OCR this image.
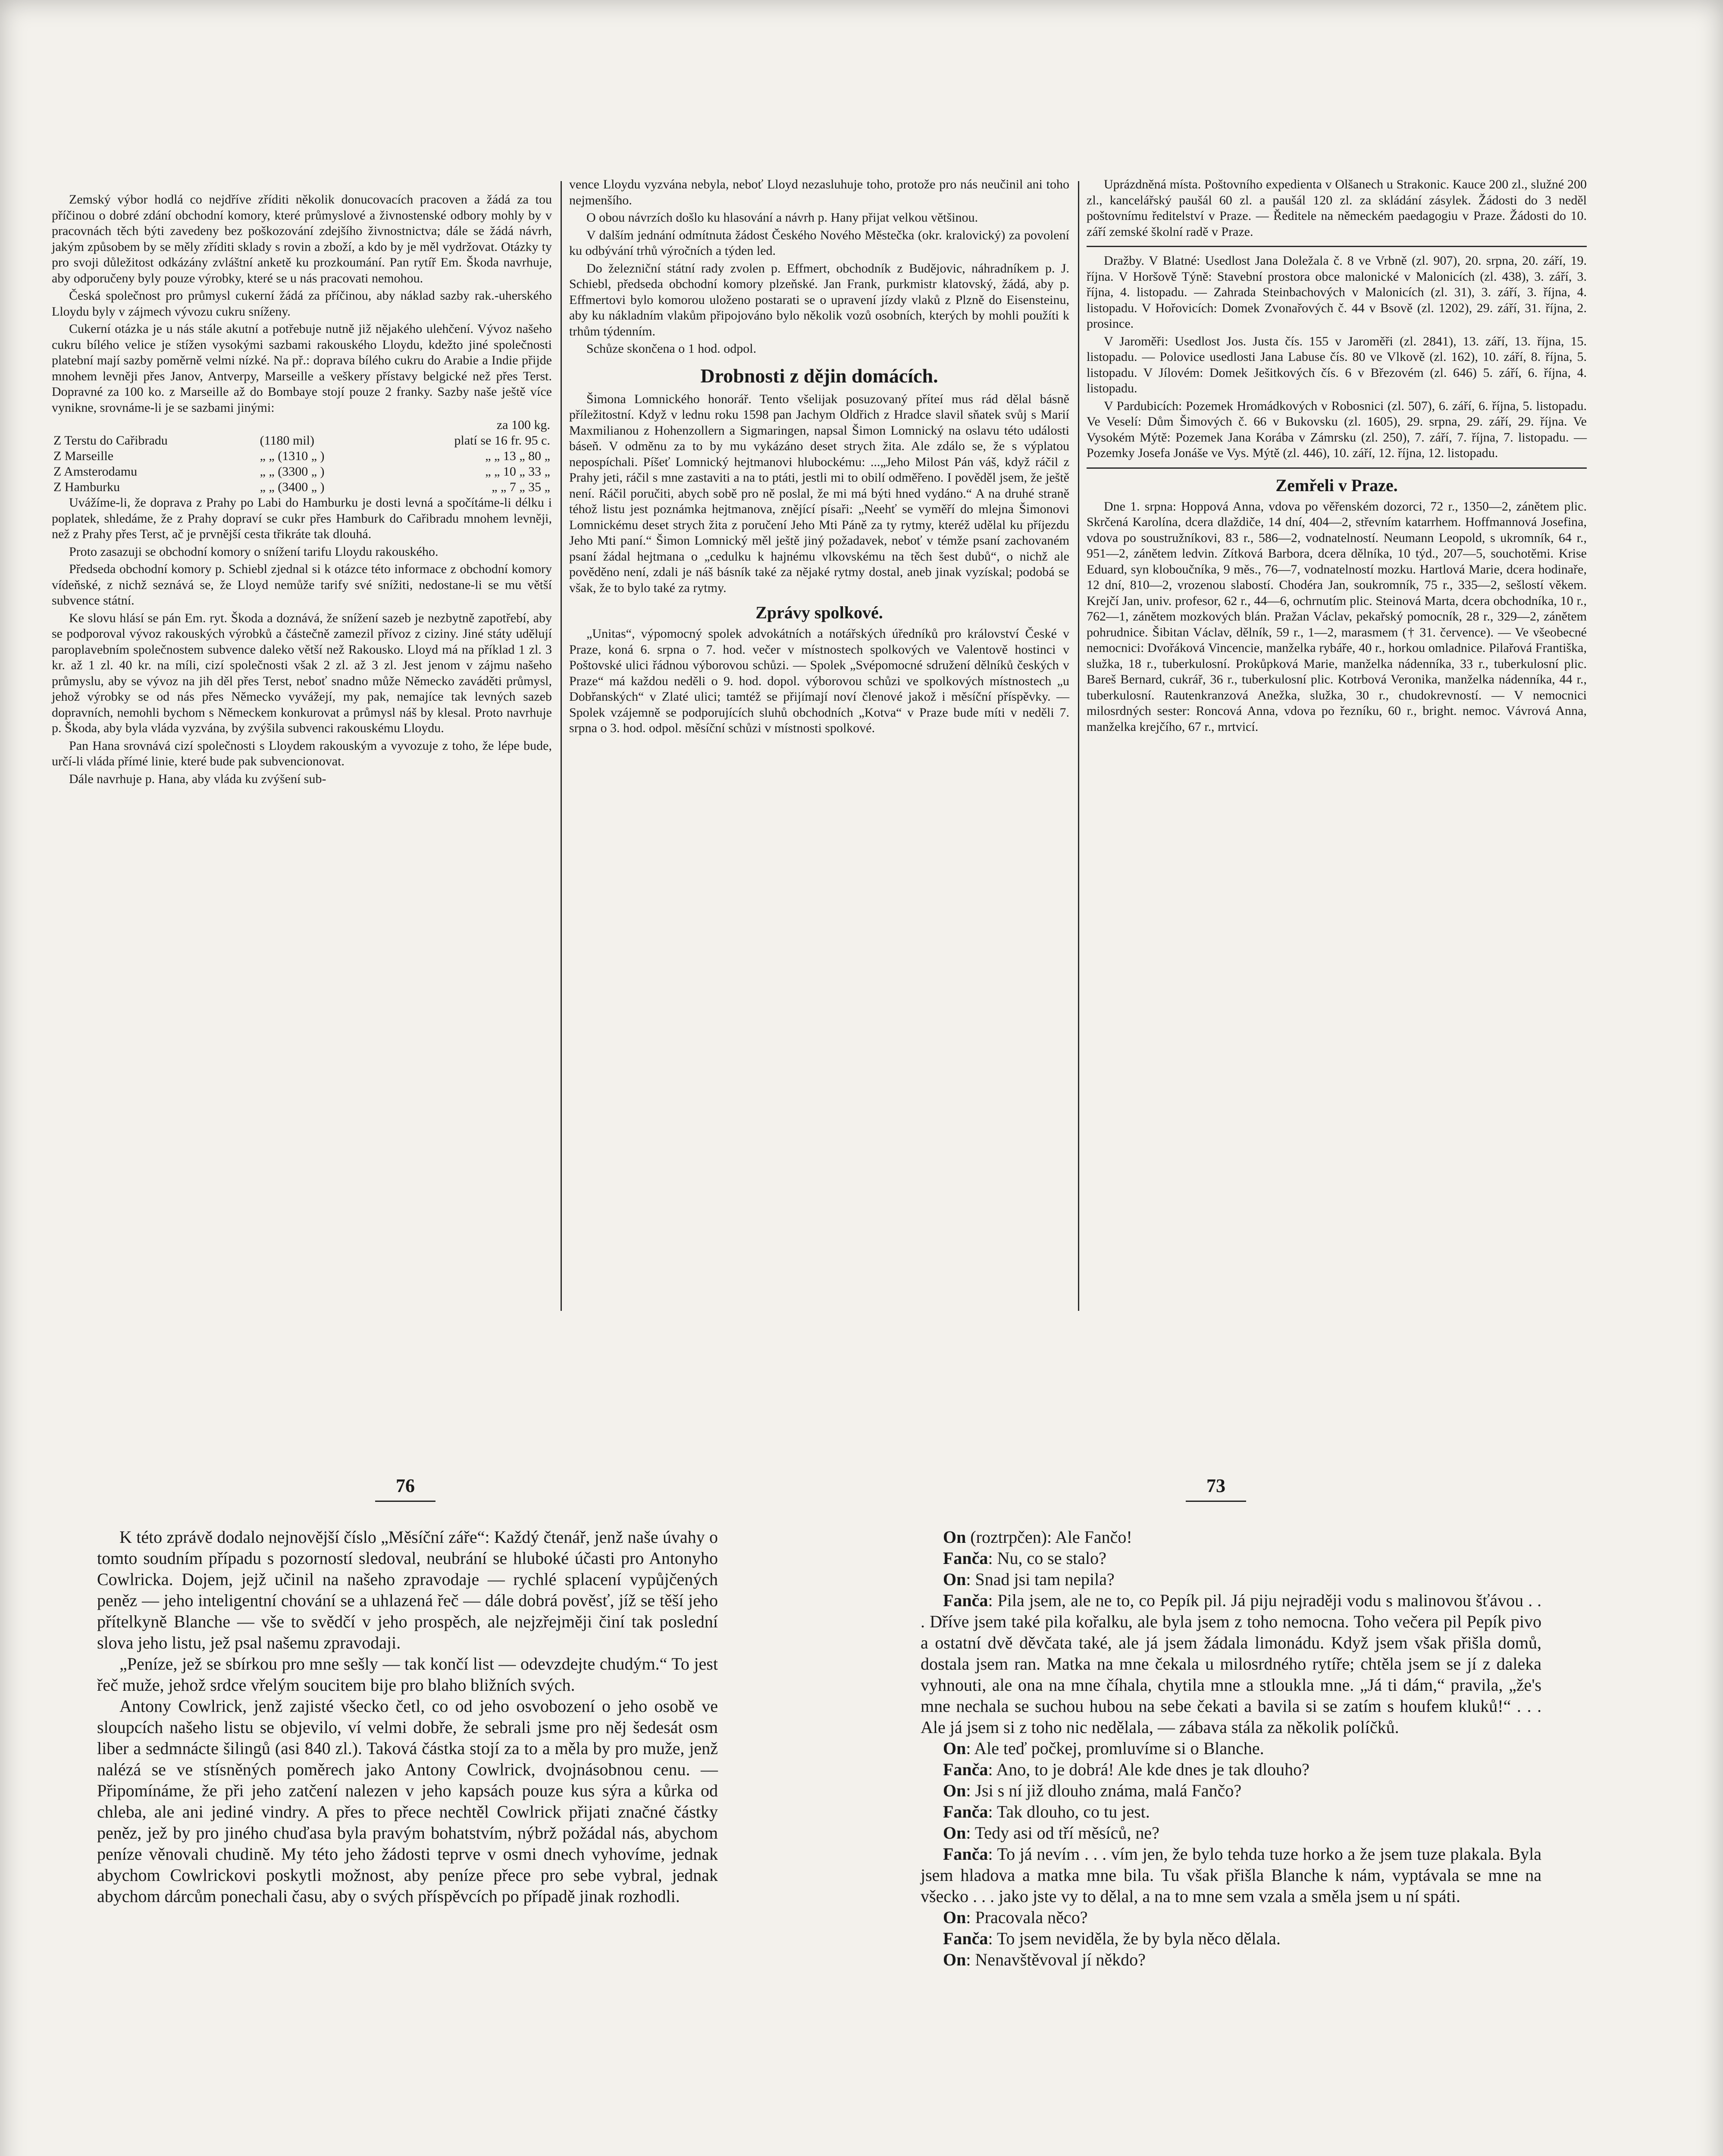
Zemský výbor hodlá co nejdříve zříditi několik donucovacích pracoven a žádá za tou příčinou o dobré zdání obchodní komory, které průmyslové a živnostenské odbory mohly by v pracovnách těch býti zavedeny bez poškozování zdejšího živnostnictva; dále se žádá návrh, jakým způsobem by se měly zříditi sklady s rovin a zboží, a kdo by je měl vydržovat. Otázky ty pro svoji důležitost odkázány zvláštní anketě ku prozkoumání. Pan rytíř Em. Škoda navrhuje, aby odporučeny byly pouze výrobky, které se u nás pracovati nemohou.

Česká společnost pro průmysl cukerní žádá za příčinou, aby náklad sazby rak.-uherského Lloydu byly v zájmech vývozu cukru sníženy.

Cukerní otázka je u nás stále akutní a potřebuje nutně již nějakého ulehčení. Vývoz našeho cukru bílého velice je stížen vysokými sazbami rakouského Lloydu, kdežto jiné společnosti platební mají sazby poměrně velmi nízké. Na př.: doprava bílého cukru do Arabie a Indie přijde mnohem levněji přes Janov, Antverpy, Marseille a veškery přístavy belgické než přes Terst. Dopravné za 100 ko. z Marseille až do Bombaye stojí pouze 2 franky. Sazby naše ještě více vynikne, srovnáme-li je se sazbami jinými:

za 100 kg.		
Z Terstu do Cařibradu	(1180 mil)	platí se 16 fr. 95 c.
Z Marseille	„ „ (1310 „ )	„ „ 13 „ 80 „
Z Amsterodamu	„ „ (3300 „ )	„ „ 10 „ 33 „
Z Hamburku	„ „ (3400 „ )	„ „ 7 „ 35 „

Uvážíme-li, že doprava z Prahy po Labi do Hamburku je dosti levná a spočítáme-li délku i poplatek, shledáme, že z Prahy dopraví se cukr přes Hamburk do Cařibradu mnohem levněji, než z Prahy přes Terst, ač je prvnější cesta třikráte tak dlouhá.

Proto zasazuji se obchodní komory o snížení tarifu Lloydu rakouského.

Předseda obchodní komory p. Schiebl zjednal si k otázce této informace z obchodní komory vídeňské, z nichž seznává se, že Lloyd nemůže tarify své snížiti, nedostane-li se mu větší subvence státní.

Ke slovu hlásí se pán Em. ryt. Škoda a doznává, že snížení sazeb je nezbytně zapotřebí, aby se podporoval vývoz rakouských výrobků a částečně zamezil přívoz z ciziny. Jiné státy udělují paroplavebním společnostem subvence daleko větší než Rakousko. Lloyd má na příklad 1 zl. 3 kr. až 1 zl. 40 kr. na míli, cizí společnosti však 2 zl. až 3 zl. Jest jenom v zájmu našeho průmyslu, aby se vývoz na jih děl přes Terst, neboť snadno může Německo zaváděti průmysl, jehož výrobky se od nás přes Německo vyvážejí, my pak, nemajíce tak levných sazeb dopravních, nemohli bychom s Německem konkurovat a průmysl náš by klesal. Proto navrhuje p. Škoda, aby byla vláda vyzvána, by zvýšila subvenci rakouskému Lloydu.

Pan Hana srovnává cizí společnosti s Lloydem rakouským a vyvozuje z toho, že lépe bude, určí-li vláda přímé linie, které bude pak subvencionovat.

Dále navrhuje p. Hana, aby vláda ku zvýšení sub-

vence Lloydu vyzvána nebyla, neboť Lloyd nezasluhuje toho, protože pro nás neučinil ani toho nejmenšího.

O obou návrzích došlo ku hlasování a návrh p. Hany přijat velkou většinou.

V dalším jednání odmítnuta žádost Českého Nového Městečka (okr. kralovický) za povolení ku odbývání trhů výročních a týden led.

Do železniční státní rady zvolen p. Effmert, obchodník z Budějovic, náhradníkem p. J. Schiebl, předseda obchodní komory plzeňské. Jan Frank, purkmistr klatovský, žádá, aby p. Effmertovi bylo komorou uloženo postarati se o upravení jízdy vlaků z Plzně do Eisensteinu, aby ku nákladním vlakům připojováno bylo několik vozů osobních, kterých by mohli použíti k trhům týdenním.

Schůze skončena o 1 hod. odpol.

Drobnosti z dějin domácích.

Šimona Lomnického honorář. Tento všelijak posuzovaný příteí mus rád dělal básně příležitostní. Když v lednu roku 1598 pan Jachym Oldřich z Hradce slavil sňatek svůj s Marií Maxmilianou z Hohenzollern a Sigmaringen, napsal Šimon Lomnický na oslavu této události báseň. V odměnu za to by mu vykázáno deset strych žita. Ale zdálo se, že s výplatou nepospíchali. Píšeť Lomnický hejtmanovi hlubockému: ...„Jeho Milost Pán váš, když ráčil z Prahy jeti, ráčil s mne zastaviti a na to ptáti, jestli mi to obilí odměřeno. I pověděl jsem, že ještě není. Ráčil poručiti, abych sobě pro ně poslal, že mi má býti hned vydáno.“ A na druhé straně téhož listu jest poznámka hejtmanova, znějící písaři: „Neehť se vyměří do mlejna Šimonovi Lomnickému deset strych žita z poručení Jeho Mti Páně za ty rytmy, kteréž udělal ku příjezdu Jeho Mti paní.“ Šimon Lomnický měl ještě jiný požadavek, neboť v témže psaní zachovaném psaní žádal hejtmana o „cedulku k hajnému vlkovskému na těch šest dubů“, o nichž ale pověděno není, zdali je náš básník také za nějaké rytmy dostal, aneb jinak vyzískal; podobá se však, že to bylo také za rytmy.

Zprávy spolkové.

„Unitas“, výpomocný spolek advokátních a notářských úředníků pro království České v Praze, koná 6. srpna o 7. hod. večer v místnostech spolkových ve Valentově hostinci v Poštovské ulici řádnou výborovou schůzi. — Spolek „Svépomocné sdružení dělníků českých v Praze“ má každou neděli o 9. hod. dopol. výborovou schůzi ve spolkových místnostech „u Dobřanských“ v Zlaté ulici; tamtéž se přijímají noví členové jakož i měsíční příspěvky. — Spolek vzájemně se podporujících sluhů obchodních „Kotva“ v Praze bude míti v neděli 7. srpna o 3. hod. odpol. měsíční schůzi v místnosti spolkové.

Uprázdněná místa. Poštovního expedienta v Olšanech u Strakonic. Kauce 200 zl., služné 200 zl., kancelářský paušál 60 zl. a paušál 120 zl. za skládání zásylek. Žádosti do 3 neděl poštovnímu ředitelství v Praze. — Ředitele na německém paedagogiu v Praze. Žádosti do 10. září zemské školní radě v Praze.

Dražby. V Blatné: Usedlost Jana Doležala č. 8 ve Vrbně (zl. 907), 20. srpna, 20. září, 19. října. V Horšově Týně: Stavební prostora obce malonické v Malonicích (zl. 438), 3. září, 3. října, 4. listopadu. — Zahrada Steinbachových v Malonicích (zl. 31), 3. září, 3. října, 4. listopadu. V Hořovicích: Domek Zvonařových č. 44 v Bsově (zl. 1202), 29. září, 31. října, 2. prosince.

V Jaroměři: Usedlost Jos. Justa čís. 155 v Jaroměři (zl. 2841), 13. září, 13. října, 15. listopadu. — Polovice usedlosti Jana Labuse čís. 80 ve Vlkově (zl. 162), 10. září, 8. října, 5. listopadu. V Jílovém: Domek Ješitkových čís. 6 v Březovém (zl. 646) 5. září, 6. října, 4. listopadu.

V Pardubicích: Pozemek Hromádkových v Robosnici (zl. 507), 6. září, 6. října, 5. listopadu. Ve Veselí: Dům Šimových č. 66 v Bukovsku (zl. 1605), 29. srpna, 29. září, 29. října. Ve Vysokém Mýtě: Pozemek Jana Korába v Zámrsku (zl. 250), 7. září, 7. října, 7. listopadu. — Pozemky Josefa Jonáše ve Vys. Mýtě (zl. 446), 10. září, 12. října, 12. listopadu.

Zemřeli v Praze.

Dne 1. srpna: Hoppová Anna, vdova po věřenském dozorci, 72 r., 1350—2, zánětem plic. Skrčená Karolína, dcera dlaždiče, 14 dní, 404—2, střevním katarrhem. Hoffmannová Josefina, vdova po soustružníkovi, 83 r., 586—2, vodnatelností. Neumann Leopold, s ukromník, 64 r., 951—2, zánětem ledvin. Zítková Barbora, dcera dělníka, 10 týd., 207—5, souchotěmi. Krise Eduard, syn kloboučníka, 9 měs., 76—7, vodnatelností mozku. Hartlová Marie, dcera hodinaře, 12 dní, 810—2, vrozenou slabostí. Chodéra Jan, soukromník, 75 r., 335—2, sešlostí věkem. Krejčí Jan, univ. profesor, 62 r., 44—6, ochrnutím plic. Steinová Marta, dcera obchodníka, 10 r., 762—1, zánětem mozkových blán. Pražan Václav, pekařský pomocník, 28 r., 329—2, zánětem pohrudnice. Šibitan Václav, dělník, 59 r., 1—2, marasmem († 31. července). — Ve všeobecné nemocnici: Dvořáková Vincencie, manželka rybáře, 40 r., horkou omladnice. Pilařová Františka, služka, 18 r., tuberkulosní. Prokůpková Marie, manželka nádenníka, 33 r., tuberkulosní plic. Bareš Bernard, cukrář, 36 r., tuberkulosní plic. Kotrbová Veronika, manželka nádenníka, 44 r., tuberkulosní. Rautenkranzová Anežka, služka, 30 r., chudokrevností. — V nemocnici milosrdných sester: Roncová Anna, vdova po řezníku, 60 r., bright. nemoc. Vávrová Anna, manželka krejčího, 67 r., mrtvicí.

76

K této zprávě dodalo nejnovější číslo „Měsíční záře“: Každý čtenář, jenž naše úvahy o tomto soudním případu s pozorností sledoval, neubrání se hluboké účasti pro Antonyho Cowlricka. Dojem, jejž učinil na našeho zpravodaje — rychlé splacení vypůjčených peněz — jeho inteligentní chování se a uhlazená řeč — dále dobrá pověsť, jíž se těší jeho přítelkyně Blanche — vše to svědčí v jeho prospěch, ale nejzřejměji činí tak poslední slova jeho listu, jež psal našemu zpravodaji.

„Peníze, jež se sbírkou pro mne sešly — tak končí list — odevzdejte chudým.“ To jest řeč muže, jehož srdce vřelým soucitem bije pro blaho bližních svých.

Antony Cowlrick, jenž zajisté všecko četl, co od jeho osvobození o jeho osobě ve sloupcích našeho listu se objevilo, ví velmi dobře, že sebrali jsme pro něj šedesát osm liber a sedmnácte šilingů (asi 840 zl.). Taková částka stojí za to a měla by pro muže, jenž nalézá se ve stísněných poměrech jako Antony Cowlrick, dvojnásobnou cenu. — Připomínáme, že při jeho zatčení nalezen v jeho kapsách pouze kus sýra a kůrka od chleba, ale ani jediné vindry. A přes to přece nechtěl Cowlrick přijati značné částky peněz, jež by pro jiného chuďasa byla pravým bohatstvím, nýbrž požádal nás, abychom peníze věnovali chudině. My této jeho žádosti teprve v osmi dnech vyhovíme, jednak abychom Cowlrickovi poskytli možnost, aby peníze přece pro sebe vybral, jednak abychom dárcům ponechali času, aby o svých příspěvcích po případě jinak rozhodli.

73

On (roztrpčen): Ale Fančo!

Fanča: Nu, co se stalo?

On: Snad jsi tam nepila?

Fanča: Pila jsem, ale ne to, co Pepík pil. Já piju nejraději vodu s malinovou šťávou . . . Dříve jsem také pila kořalku, ale byla jsem z toho nemocna. Toho večera pil Pepík pivo a ostatní dvě děvčata také, ale já jsem žádala limonádu. Když jsem však přišla domů, dostala jsem ran. Matka na mne čekala u milosrdného rytíře; chtěla jsem se jí z daleka vyhnouti, ale ona na mne číhala, chytila mne a stloukla mne. „Já ti dám,“ pravila, „že's mne nechala se suchou hubou na sebe čekati a bavila si se zatím s houfem kluků!“ . . . Ale já jsem si z toho nic nedělala, — zábava stála za několik políčků.

On: Ale teď počkej, promluvíme si o Blanche.

Fanča: Ano, to je dobrá! Ale kde dnes je tak dlouho?

On: Jsi s ní již dlouho známa, malá Fančo?

Fanča: Tak dlouho, co tu jest.

On: Tedy asi od tří měsíců, ne?

Fanča: To já nevím . . . vím jen, že bylo tehda tuze horko a že jsem tuze plakala. Byla jsem hladova a matka mne bila. Tu však přišla Blanche k nám, vyptávala se mne na všecko . . . jako jste vy to dělal, a na to mne sem vzala a směla jsem u ní spáti.

On: Pracovala něco?

Fanča: To jsem neviděla, že by byla něco dělala.

On: Nenavštěvoval jí někdo?
